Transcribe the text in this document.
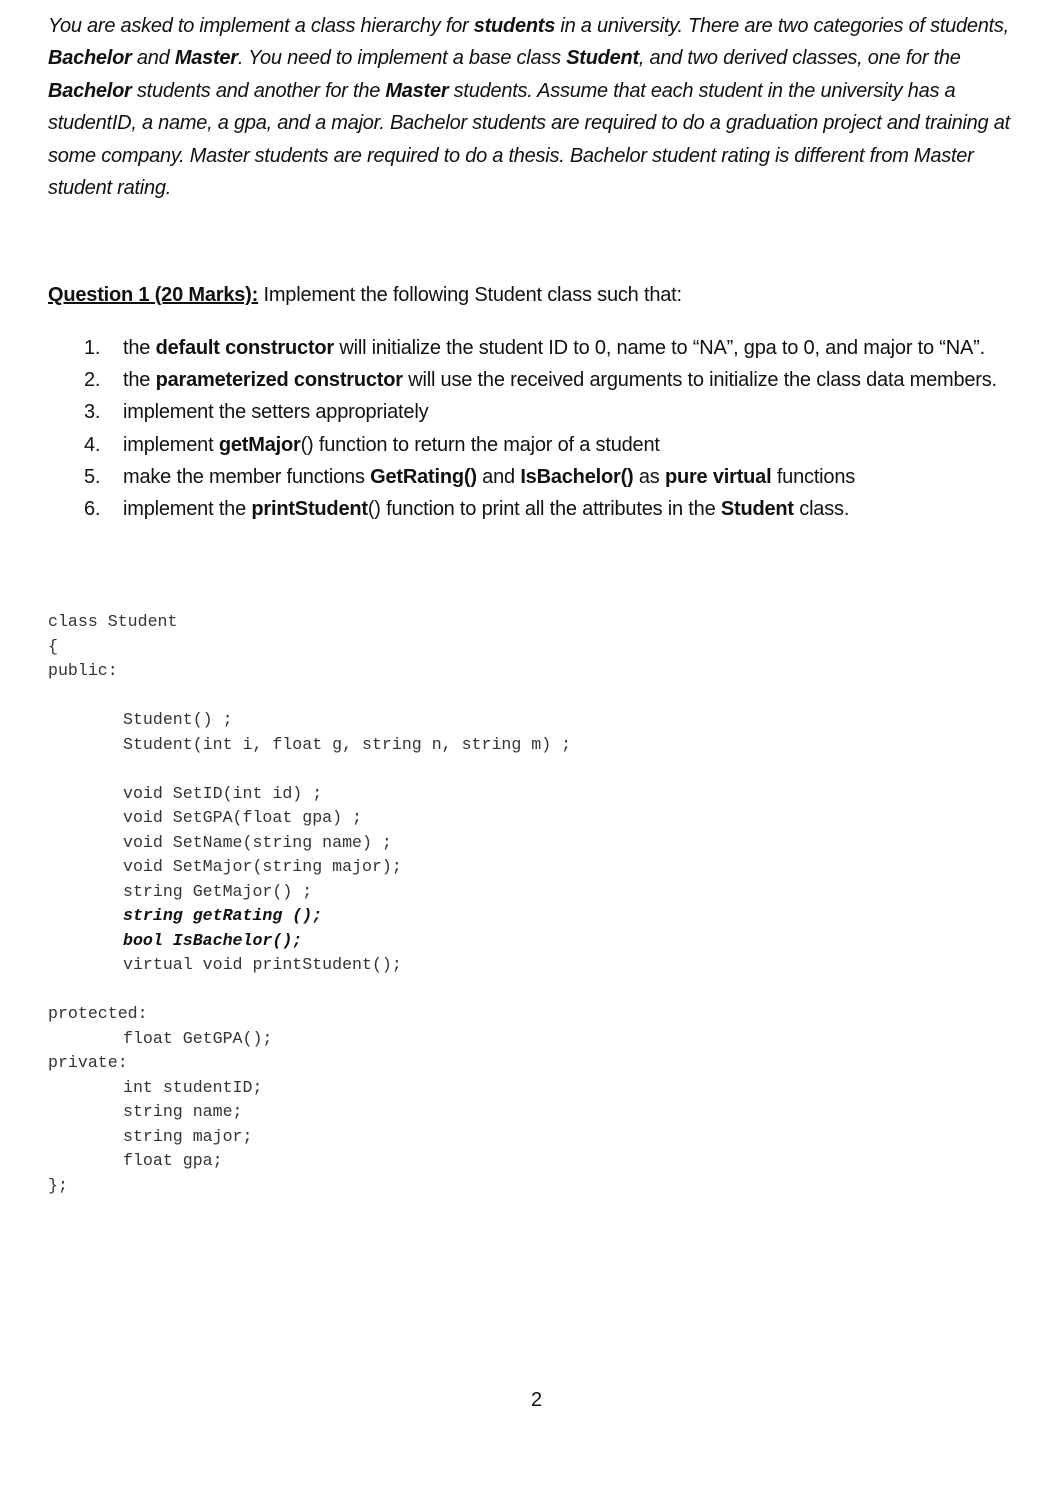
You are asked to implement a class hierarchy for students in a university. There are two categories of students, Bachelor and Master. You need to implement a base class Student, and two derived classes, one for the Bachelor students and another for the Master students. Assume that each student in the university has a studentID, a name, a gpa, and a major. Bachelor students are required to do a graduation project and training at some company. Master students are required to do a thesis. Bachelor student rating is different from Master student rating.

Question 1 (20 Marks): Implement the following Student class such that:

1. the default constructor will initialize the student ID to 0, name to “NA”, gpa to 0, and major to “NA”.
2. the parameterized constructor will use the received arguments to initialize the class data members.
3. implement the setters appropriately
4. implement getMajor() function to return the major of a student
5. make the member functions GetRating() and IsBachelor() as pure virtual functions
6. implement the printStudent() function to print all the attributes in the Student class.
class Student
{
public:
Student() ;
Student(int i, float g, string n, string m) ;
void SetID(int id) ;
void SetGPA(float gpa) ;
void SetName(string name) ;
void SetMajor(string major);
string GetMajor() ;
string getRating ();
bool IsBachelor();
virtual void printStudent();
protected:
float GetGPA();
private:
int studentID;
string name;
string major;
float gpa;
};
2
